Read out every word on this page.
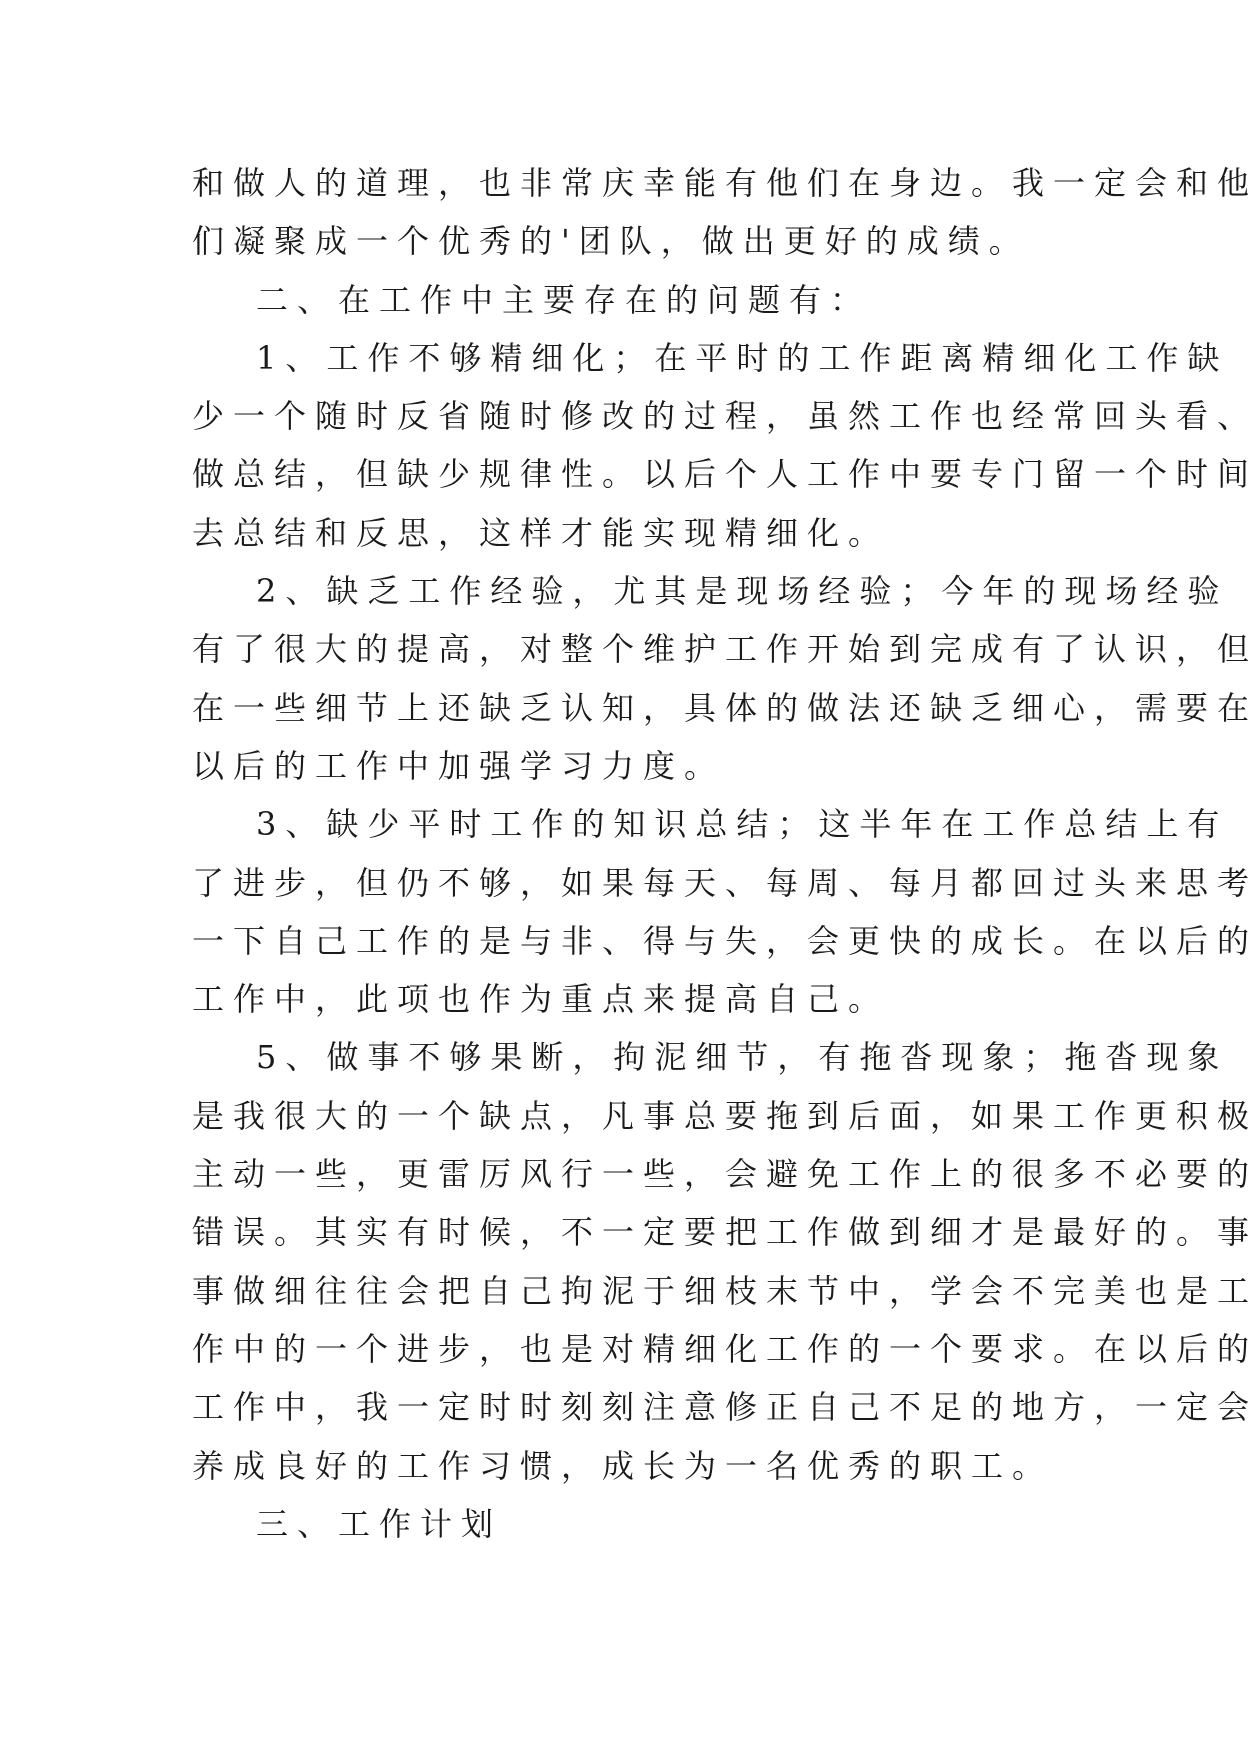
和做人的道理，也非常庆幸能有他们在身边。我一定会和他
们凝聚成一个优秀的'团队，做出更好的成绩。
二、在工作中主要存在的问题有：
1、工作不够精细化；在平时的工作距离精细化工作缺
少一个随时反省随时修改的过程，虽然工作也经常回头看、
做总结，但缺少规律性。以后个人工作中要专门留一个时间
去总结和反思，这样才能实现精细化。
2、缺乏工作经验，尤其是现场经验；今年的现场经验
有了很大的提高，对整个维护工作开始到完成有了认识，但
在一些细节上还缺乏认知，具体的做法还缺乏细心，需要在
以后的工作中加强学习力度。
3、缺少平时工作的知识总结；这半年在工作总结上有
了进步，但仍不够，如果每天、每周、每月都回过头来思考
一下自己工作的是与非、得与失，会更快的成长。在以后的
工作中，此项也作为重点来提高自己。
5、做事不够果断，拘泥细节，有拖沓现象；拖沓现象
是我很大的一个缺点，凡事总要拖到后面，如果工作更积极
主动一些，更雷厉风行一些，会避免工作上的很多不必要的
错误。其实有时候，不一定要把工作做到细才是最好的。事
事做细往往会把自己拘泥于细枝末节中，学会不完美也是工
作中的一个进步，也是对精细化工作的一个要求。在以后的
工作中，我一定时时刻刻注意修正自己不足的地方，一定会
养成良好的工作习惯，成长为一名优秀的职工。
三、工作计划
